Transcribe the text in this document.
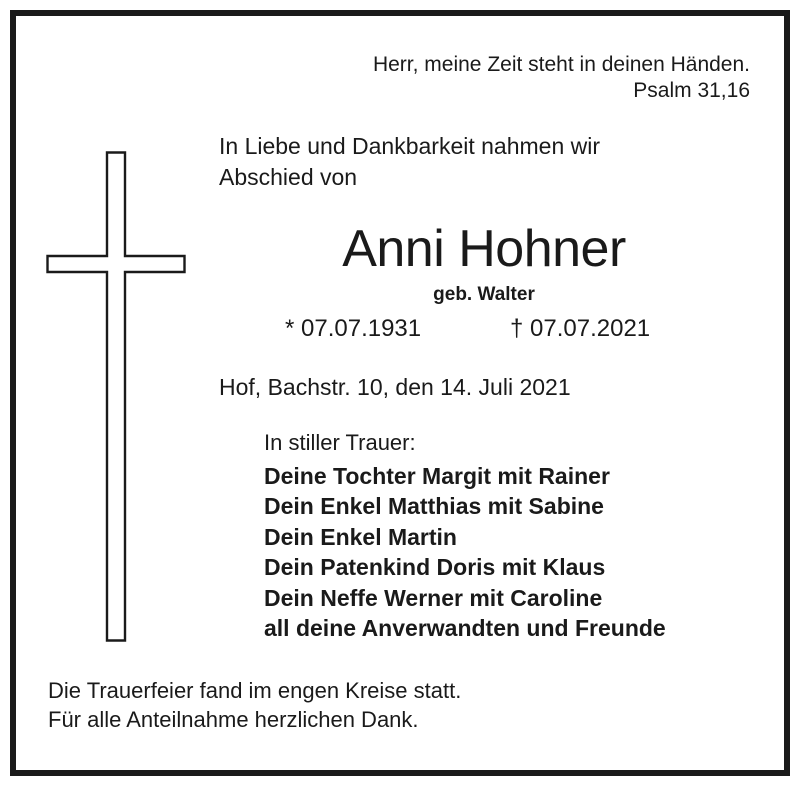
Herr, meine Zeit steht in deinen Händen.
Psalm 31,16
In Liebe und Dankbarkeit nahmen wir
Abschied von
Anni Hohner
geb. Walter
* 07.07.1931	† 07.07.2021
Hof, Bachstr. 10, den 14. Juli 2021
In stiller Trauer:
Deine Tochter Margit mit Rainer
Dein Enkel Matthias mit Sabine
Dein Enkel Martin
Dein Patenkind Doris mit Klaus
Dein Neffe Werner mit Caroline
all deine Anverwandten und Freunde
Die Trauerfeier fand im engen Kreise statt.
Für alle Anteilnahme herzlichen Dank.
